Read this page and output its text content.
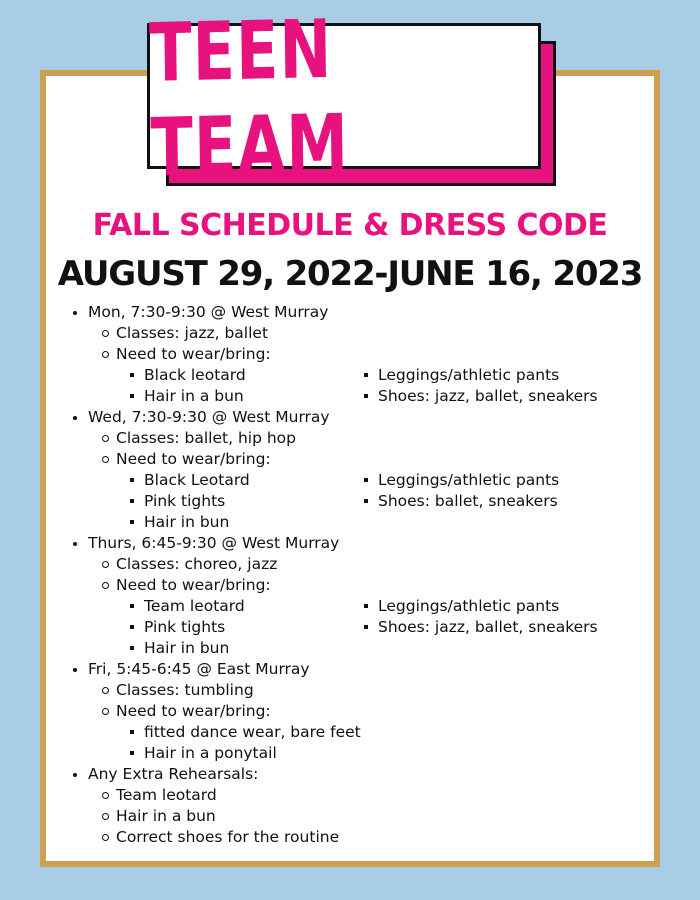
TEEN TEAM
FALL SCHEDULE & DRESS CODE
AUGUST 29, 2022-JUNE 16, 2023
Mon, 7:30-9:30 @ West Murray
Classes: jazz, ballet
Need to wear/bring:
Black leotard	Leggings/athletic pants
Hair in a bun	Shoes: jazz, ballet, sneakers
Wed, 7:30-9:30 @ West Murray
Classes: ballet, hip hop
Need to wear/bring:
Black Leotard	Leggings/athletic pants
Pink tights	Shoes: ballet, sneakers
Hair in bun
Thurs, 6:45-9:30 @ West Murray
Classes: choreo, jazz
Need to wear/bring:
Team leotard	Leggings/athletic pants
Pink tights	Shoes: jazz, ballet, sneakers
Hair in bun
Fri, 5:45-6:45 @ East Murray
Classes: tumbling
Need to wear/bring:
fitted dance wear, bare feet
Hair in a ponytail
Any Extra Rehearsals:
Team leotard
Hair in a bun
Correct shoes for the routine
